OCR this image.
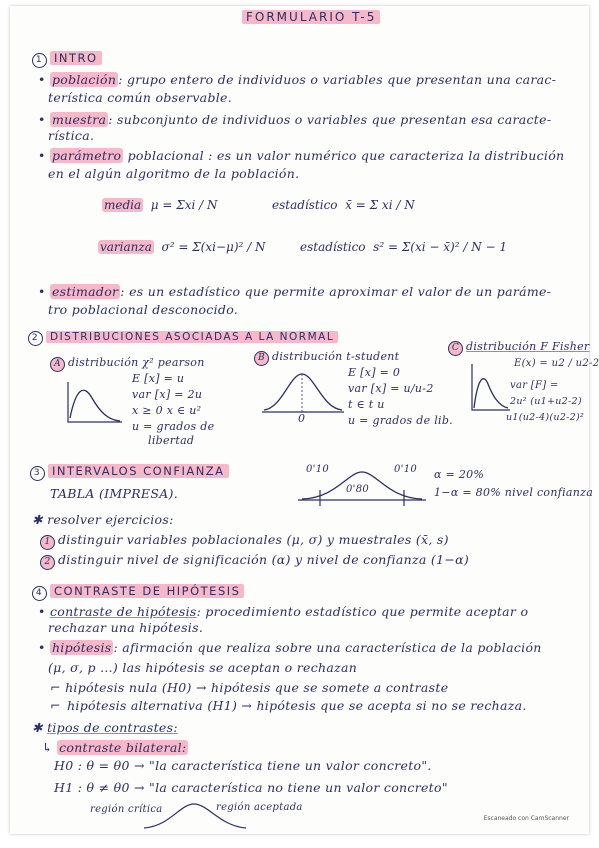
FORMULARIO T-5
1 INTRO
• población : grupo entero de individuos o variables que presentan una carac-
terística común observable.
• muestra : subconjunto de individuos o variables que presentan esa caracte-
rística.
• parámetro poblacional : es un valor numérico que caracteriza la distribución
en el algún algoritmo de la población.
media μ = Σxi / N	estadístico x̄ = Σ xi / N
varianza σ² = Σ(xi−μ)² / N	estadístico s² = Σ(xi − x̄)² / N − 1
• estimador : es un estadístico que permite aproximar el valor de un paráme-
tro poblacional desconocido.
2 DISTRIBUCIONES ASOCIADAS A LA NORMAL
A distribución χ² pearson
E [x] = u
var [x] = 2u
x ≥ 0 x ∈ u²
u = grados de
libertad
B distribución t-student
E [x] = 0
var [x] = u/u-2
t ∈ t u
u = grados de lib.
0
C distribución F Fisher
E(x) = u2 / u2-2
var [F] =
2u² (u1+u2-2)
u1(u2-4)(u2-2)²
3 INTERVALOS CONFIANZA
TABLA (IMPRESA).
0'10	0'10
0'80
α = 20%
1−α = 80% nivel confianza
✱ resolver ejercicios:
1 distinguir variables poblacionales (μ, σ) y muestrales (x̄, s)
2 distinguir nivel de significación (α) y nivel de confianza (1−α)
4 CONTRASTE DE HIPÓTESIS
• contraste de hipótesis: procedimiento estadístico que permite aceptar o
rechazar una hipótesis.
• hipótesis : afirmación que realiza sobre una característica de la población
(μ, σ, p ...) las hipótesis se aceptan o rechazan
⌐ hipótesis nula (H0) → hipótesis que se somete a contraste
⌐ hipótesis alternativa (H1) → hipótesis que se acepta si no se rechaza.
✱ tipos de contrastes:
↳ contraste bilateral:
H0 : θ = θ0 → "la característica tiene un valor concreto".
H1 : θ ≠ θ0 → "la característica no tiene un valor concreto"
región crítica	región aceptada
Escaneado con CamScanner
